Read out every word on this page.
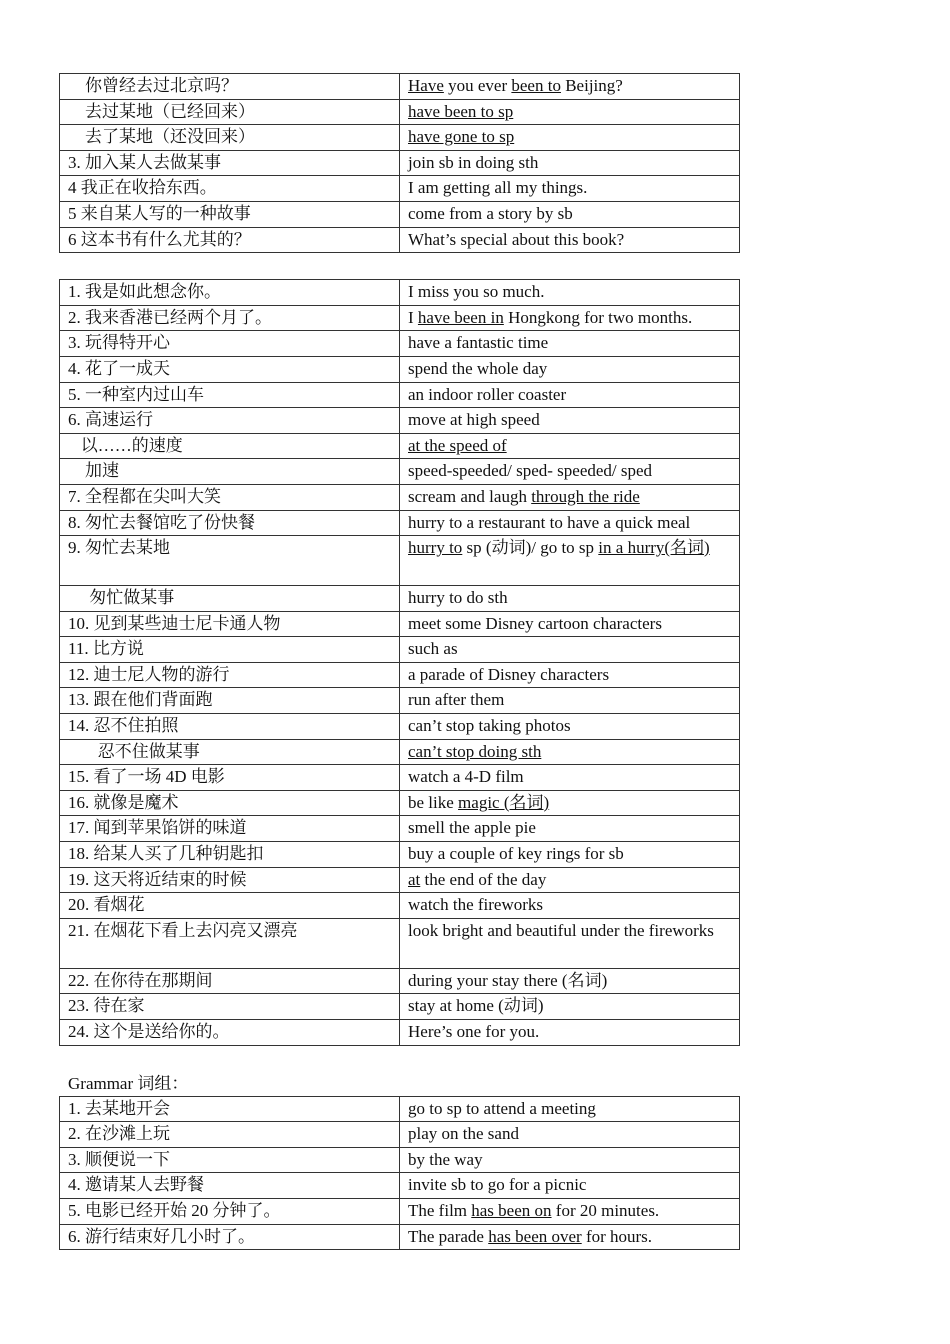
你曾经去过北京吗？	Have you ever been to Beijing?
去过某地（已经回来）	have been to sp
去了某地（还没回来）	have gone to sp
3. 加入某人去做某事	join sb in doing sth
4 我正在收拾东西。	I am getting all my things.
5 来自某人写的一种故事	come from a story by sb
6 这本书有什么尤其的？	What’s special about this book?
1. 我是如此想念你。	I miss you so much.
2. 我来香港已经两个月了。	I have been in Hongkong for two months.
3. 玩得特开心	have a fantastic time
4. 花了一成天	spend the whole day
5. 一种室内过山车	an indoor roller coaster
6. 高速运行	move at high speed
以……的速度	at the speed of
加速	speed-speeded/ sped- speeded/ sped
7. 全程都在尖叫大笑	scream and laugh through the ride
8. 匆忙去餐馆吃了份快餐	hurry to a restaurant to have a quick meal
9. 匆忙去某地	hurry to sp (动词)/ go to sp in a hurry(名词)
匆忙做某事	hurry to do sth
10. 见到某些迪士尼卡通人物	meet some Disney cartoon characters
11. 比方说	such as
12. 迪士尼人物的游行	a parade of Disney characters
13. 跟在他们背面跑	run after them
14. 忍不住拍照	can’t stop taking photos
忍不住做某事	can’t stop doing sth
15. 看了一场 4D 电影	watch a 4-D film
16. 就像是魔术	be like magic (名词)
17. 闻到苹果馅饼的味道	smell the apple pie
18. 给某人买了几种钥匙扣	buy a couple of key rings for sb
19. 这天将近结束的时候	at the end of the day
20. 看烟花	watch the fireworks
21. 在烟花下看上去闪亮又漂亮	look bright and beautiful under the fireworks
22. 在你待在那期间	during your stay there (名词)
23. 待在家	stay at home (动词)
24. 这个是送给你的。	Here’s one for you.
Grammar 词组：
1. 去某地开会	go to sp to attend a meeting
2. 在沙滩上玩	play on the sand
3. 顺便说一下	by the way
4. 邀请某人去野餐	invite sb to go for a picnic
5. 电影已经开始 20 分钟了。	The film has been on for 20 minutes.
6. 游行结束好几小时了。	The parade has been over for hours.
